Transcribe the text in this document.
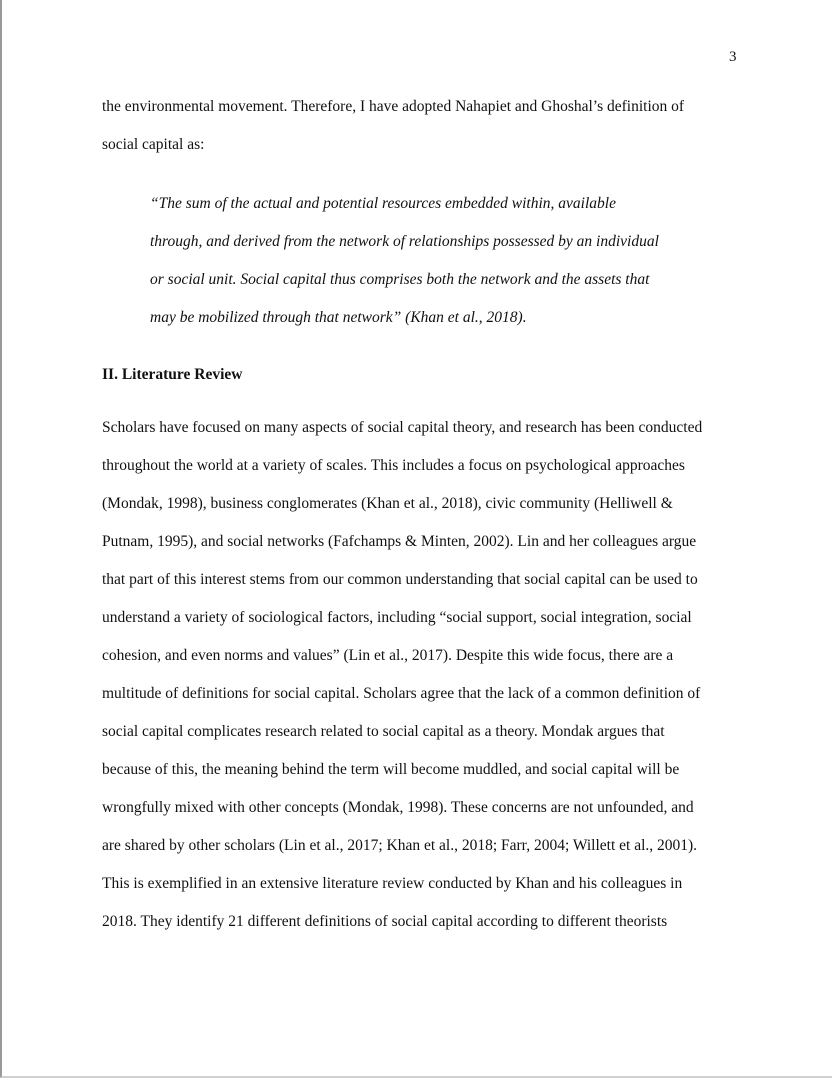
3
the environmental movement. Therefore, I have adopted Nahapiet and Ghoshal’s definition of
social capital as:
“The sum of the actual and potential resources embedded within, available
through, and derived from the network of relationships possessed by an individual
or social unit. Social capital thus comprises both the network and the assets that
may be mobilized through that network” (Khan et al., 2018).
II. Literature Review
Scholars have focused on many aspects of social capital theory, and research has been conducted
throughout the world at a variety of scales. This includes a focus on psychological approaches
(Mondak, 1998), business conglomerates (Khan et al., 2018), civic community (Helliwell &
Putnam, 1995), and social networks (Fafchamps & Minten, 2002). Lin and her colleagues argue
that part of this interest stems from our common understanding that social capital can be used to
understand a variety of sociological factors, including “social support, social integration, social
cohesion, and even norms and values” (Lin et al., 2017). Despite this wide focus, there are a
multitude of definitions for social capital. Scholars agree that the lack of a common definition of
social capital complicates research related to social capital as a theory. Mondak argues that
because of this, the meaning behind the term will become muddled, and social capital will be
wrongfully mixed with other concepts (Mondak, 1998). These concerns are not unfounded, and
are shared by other scholars (Lin et al., 2017; Khan et al., 2018; Farr, 2004; Willett et al., 2001).
This is exemplified in an extensive literature review conducted by Khan and his colleagues in
2018. They identify 21 different definitions of social capital according to different theorists
